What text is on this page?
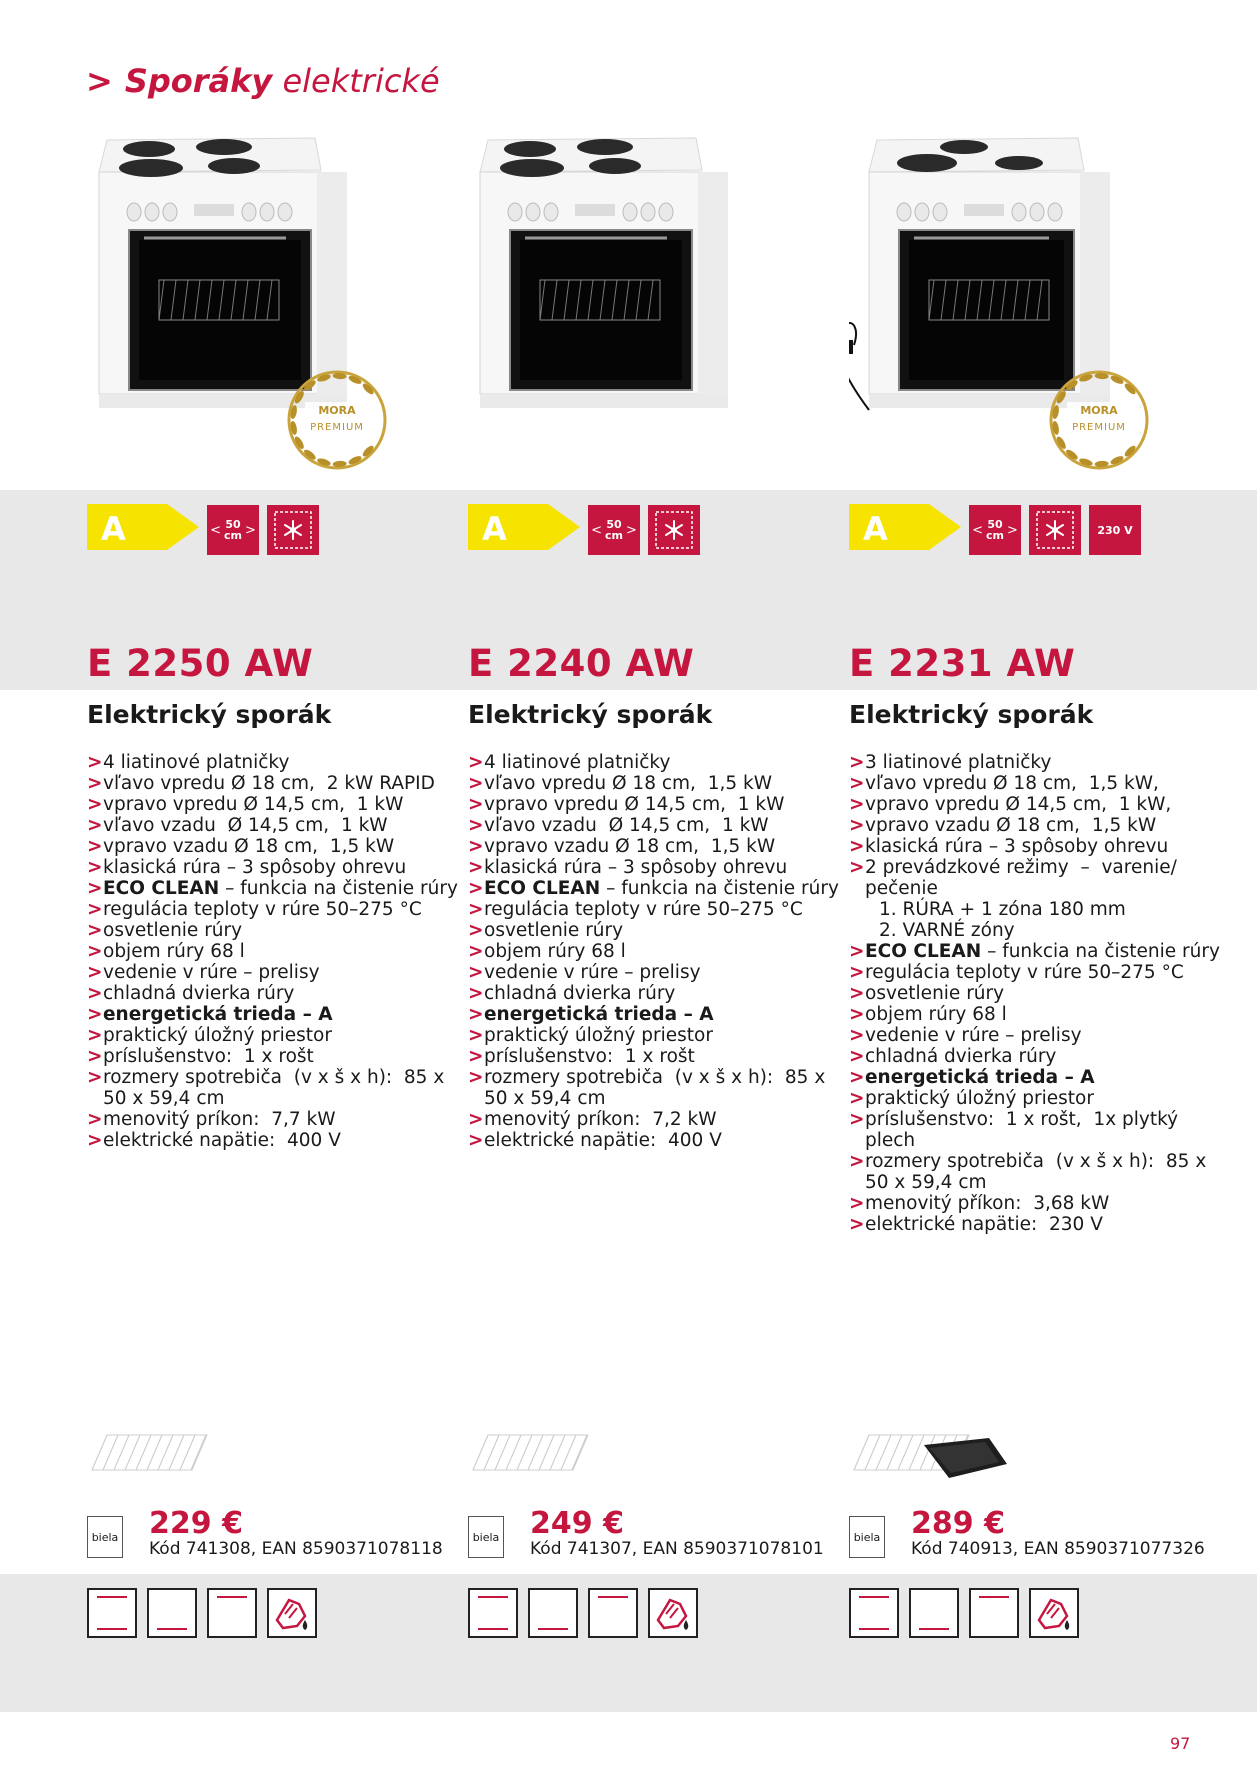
> Sporáky elektrické
97
MORA
PREMIUM
A	< 50
cm >
E 2250 AW
Elektrický sporák
> 4 liatinové platničky
> vľavo vpredu Ø 18 cm,  2 kW RAPID
> vpravo vpredu Ø 14,5 cm,  1 kW
> vľavo vzadu  Ø 14,5 cm,  1 kW
> vpravo vzadu Ø 18 cm,  1,5 kW
> klasická rúra – 3 spôsoby ohrevu
> ECO CLEAN – funkcia na čistenie rúry
> regulácia teploty v rúre 50–275 °C
> osvetlenie rúry
> objem rúry 68 l
> vedenie v rúre – prelisy
> chladná dvierka rúry
> energetická trieda – A
> praktický úložný priestor
> príslušenstvo:  1 x rošt
> rozmery spotrebiča  (v x š x h):  85 x 50 x 59,4 cm
> menovitý príkon:  7,7 kW
> elektrické napätie:  400 V
biela 229 €
Kód 741308, EAN 8590371078118
A	< 50
cm >
E 2240 AW
Elektrický sporák
> 4 liatinové platničky
> vľavo vpredu Ø 18 cm,  1,5 kW
> vpravo vpredu Ø 14,5 cm,  1 kW
> vľavo vzadu  Ø 14,5 cm,  1 kW
> vpravo vzadu Ø 18 cm,  1,5 kW
> klasická rúra – 3 spôsoby ohrevu
> ECO CLEAN – funkcia na čistenie rúry
> regulácia teploty v rúre 50–275 °C
> osvetlenie rúry
> objem rúry 68 l
> vedenie v rúre – prelisy
> chladná dvierka rúry
> energetická trieda – A
> praktický úložný priestor
> príslušenstvo:  1 x rošt
> rozmery spotrebiča  (v x š x h):  85 x 50 x 59,4 cm
> menovitý príkon:  7,2 kW
> elektrické napätie:  400 V
biela 249 €
Kód 741307, EAN 8590371078101
MORA
PREMIUM
A	< 50
cm >	230 V
E 2231 AW
Elektrický sporák
> 3 liatinové platničky
> vľavo vpredu Ø 18 cm,  1,5 kW,
> vpravo vpredu Ø 14,5 cm,  1 kW,
> vpravo vzadu Ø 18 cm,  1,5 kW
> klasická rúra – 3 spôsoby ohrevu
> 2 prevádzkové režimy  –  varenie/ pečenie
1. RÚRA + 1 zóna 180 mm
2. VARNÉ zóny
> ECO CLEAN – funkcia na čistenie rúry
> regulácia teploty v rúre 50–275 °C
> osvetlenie rúry
> objem rúry 68 l
> vedenie v rúre – prelisy
> chladná dvierka rúry
> energetická trieda – A
> praktický úložný priestor
> príslušenstvo:  1 x rošt,  1x plytký plech
> rozmery spotrebiča  (v x š x h):  85 x 50 x 59,4 cm
> menovitý příkon:  3,68 kW
> elektrické napätie:  230 V
biela 289 €
Kód 740913, EAN 8590371077326
